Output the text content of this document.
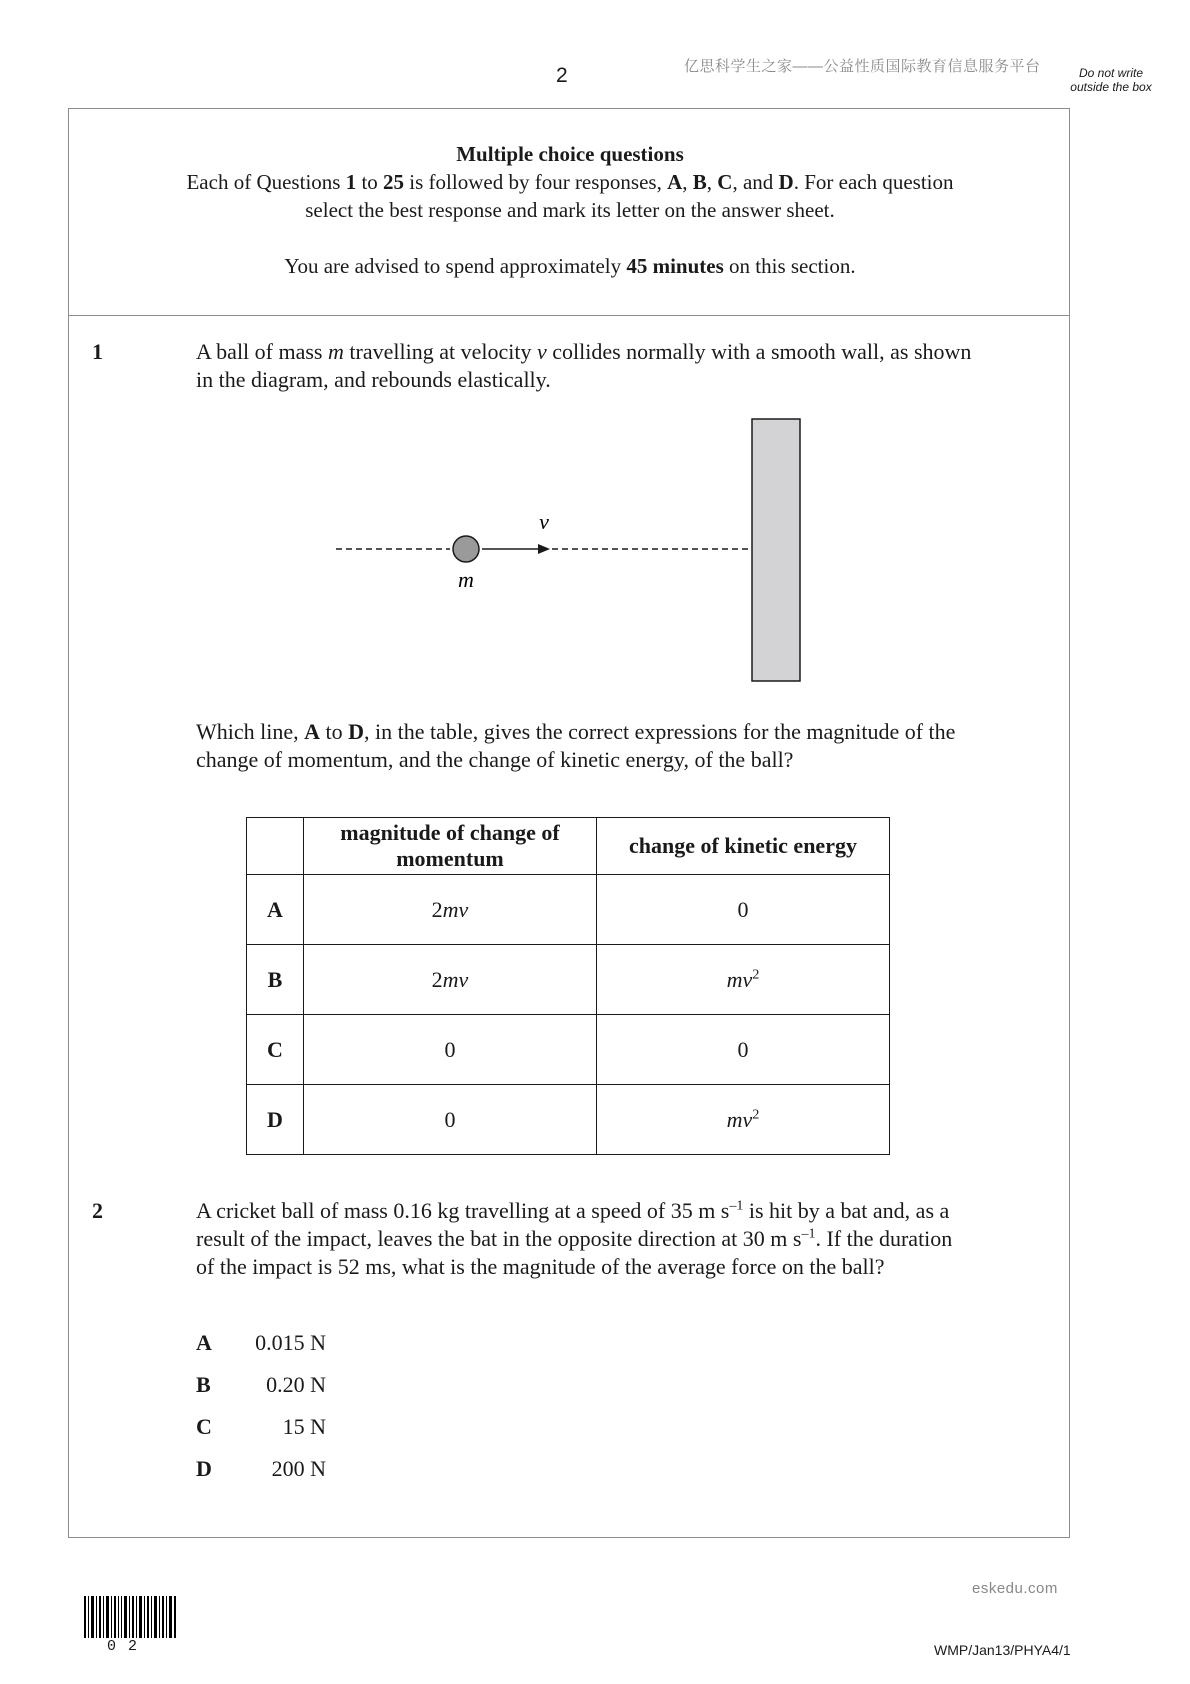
2	亿思科学生之家——公益性质国际教育信息服务平台	Do not write outside the box

Multiple choice questions

Each of Questions 1 to 25 is followed by four responses, A, B, C, and D. For each question

select the best response and mark its letter on the answer sheet.

You are advised to spend approximately 45 minutes on this section.

1	A ball of mass m travelling at velocity v collides normally with a smooth wall, as shown

in the diagram, and rebounds elastically.

v
m

Which line, A to D, in the table, gives the correct expressions for the magnitude of the

change of momentum, and the change of kinetic energy, of the ball?

	magnitude of change of momentum	change of kinetic energy
A	2mv	0
B	2mv	$mv^2$
C	0	0
D	0	$mv^2$
2	A cricket ball of mass 0.16 kg travelling at a speed of 35 m $s^{-1}$ is hit by a bat and, as a

result of the impact, leaves the bat in the opposite direction at 30 m $s^{-1}$. If the duration

of the impact is 52 ms, what is the magnitude of the average force on the ball?

A 0.015 N
B	0.20 N
C	15 N
D	200 N
eskedu.com
WMP/Jan13/PHYA4/1
02
